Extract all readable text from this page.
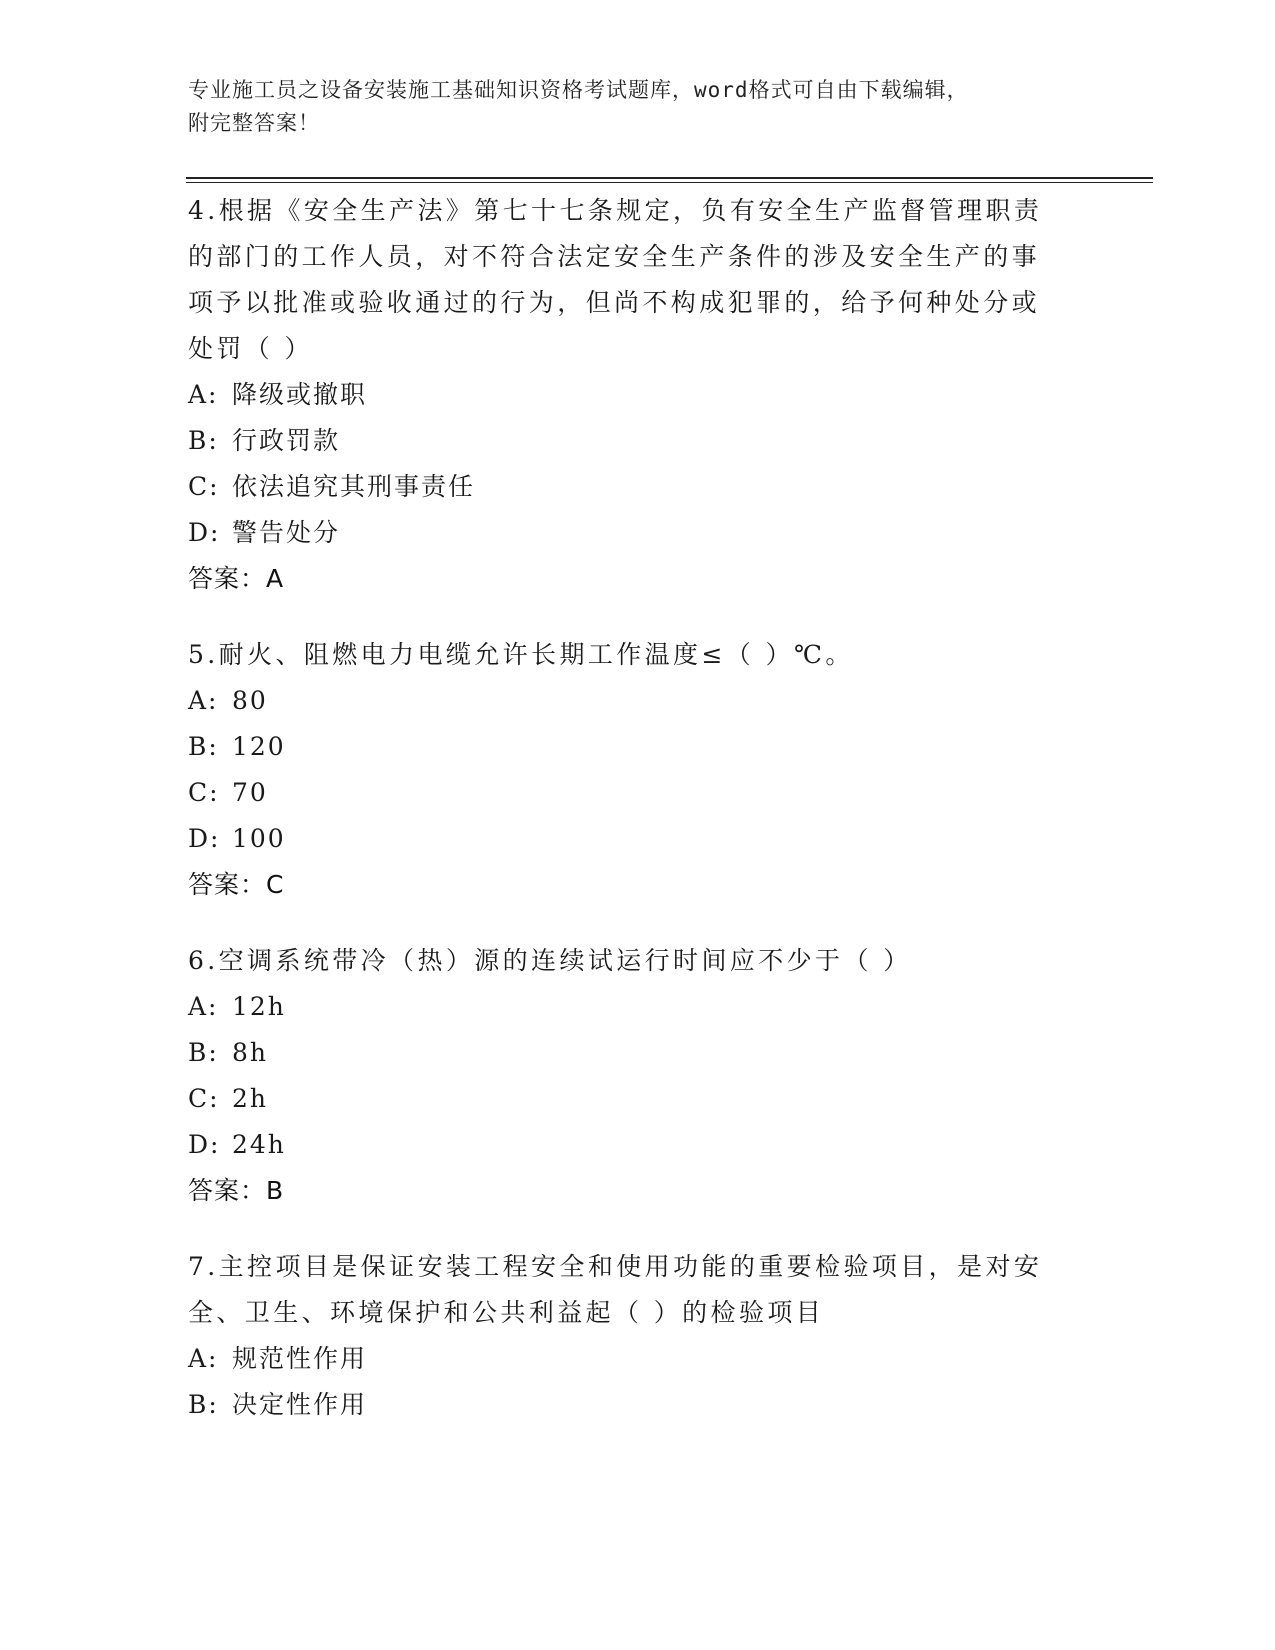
专业施工员之设备安装施工基础知识资格考试题库，word格式可自由下载编辑，
附完整答案！

4.根据《安全生产法》第七十七条规定，负有安全生产监督管理职责的部门的工作人员，对不符合法定安全生产条件的涉及安全生产的事项予以批准或验收通过的行为，但尚不构成犯罪的，给予何种处分或处罚（ ）

A: 降级或撤职

B: 行政罚款

C: 依法追究其刑事责任

D: 警告处分

答案：A

5.耐火、阻燃电力电缆允许长期工作温度≤（ ）℃。

A: 80

B: 120

C: 70

D: 100

答案：C

6.空调系统带冷（热）源的连续试运行时间应不少于（ ）

A: 12h

B: 8h

C: 2h

D: 24h

答案：B

7.主控项目是保证安装工程安全和使用功能的重要检验项目，是对安全、卫生、环境保护和公共利益起（ ）的检验项目

A: 规范性作用

B: 决定性作用
